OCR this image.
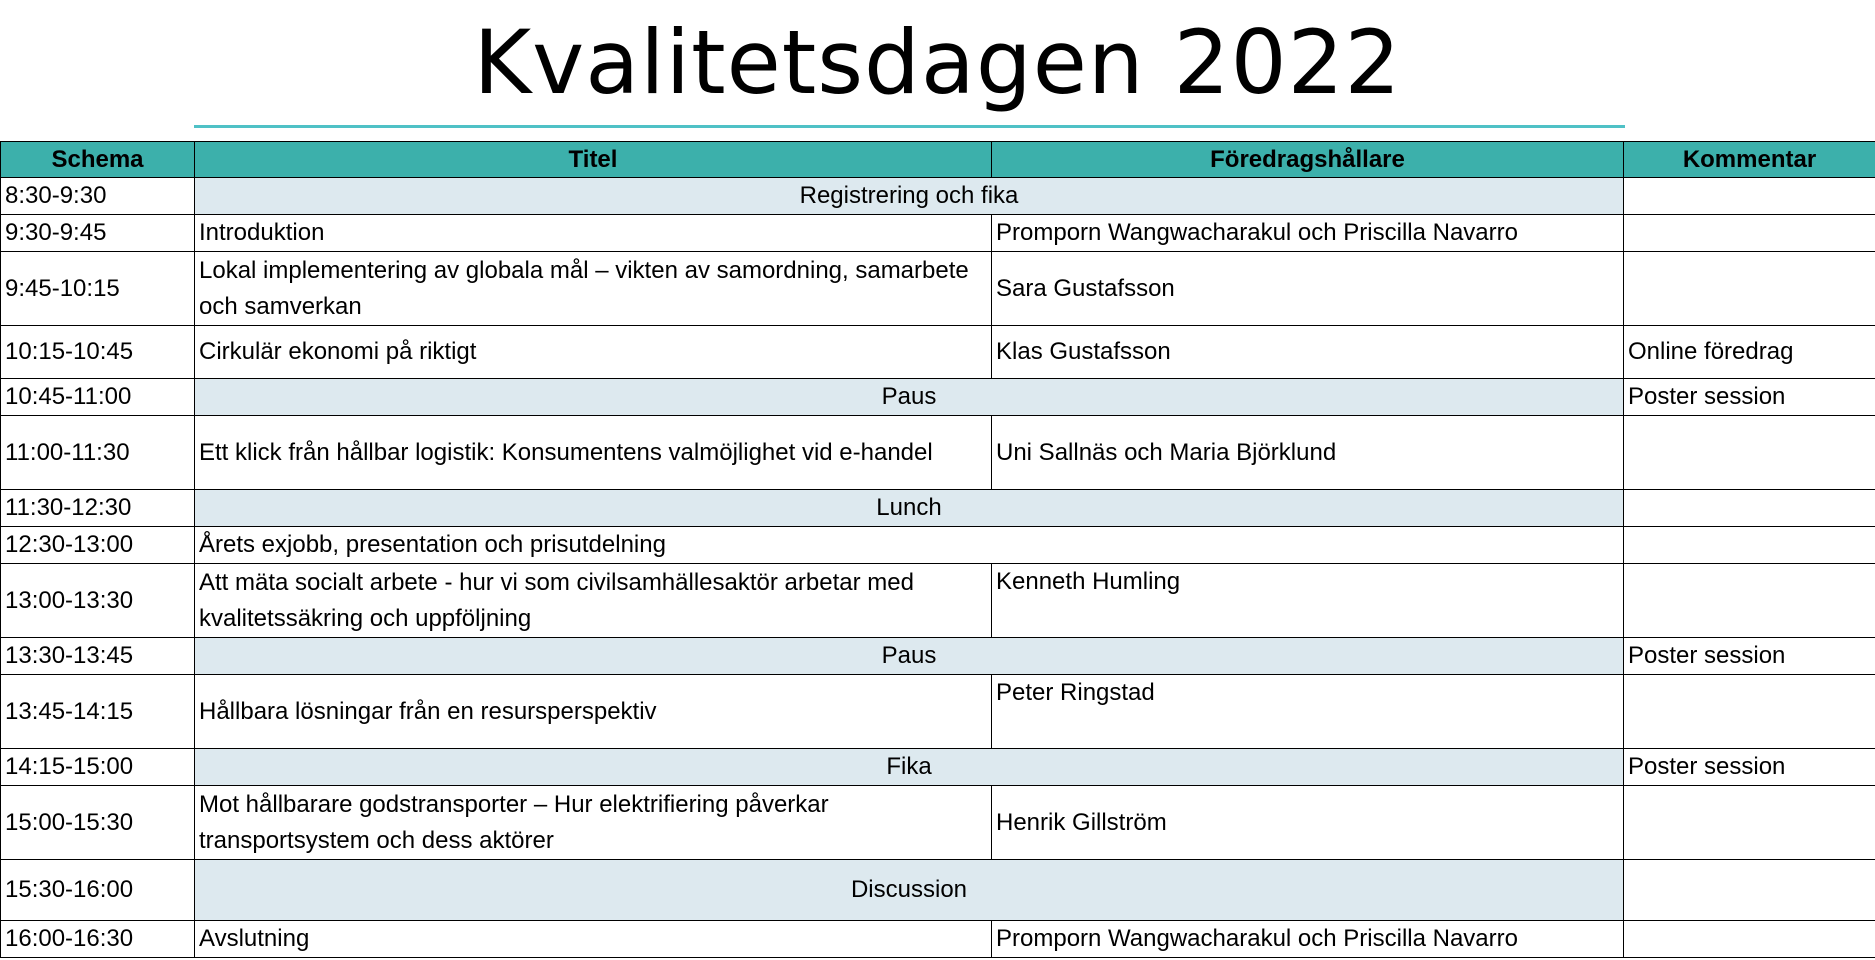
Kvalitetsdagen 2022
Schema	Titel	Föredragshållare	Kommentar
8:30-9:30	Registrering och fika		
9:30-9:45	Introduktion	Promporn Wangwacharakul och Priscilla Navarro	
9:45-10:15	Lokal implementering av globala mål – vikten av samordning, samarbete och samverkan	Sara Gustafsson	
10:15-10:45	Cirkulär ekonomi på riktigt	Klas Gustafsson	Online föredrag
10:45-11:00	Paus		Poster session
11:00-11:30	Ett klick från hållbar logistik: Konsumentens valmöjlighet vid e-handel	Uni Sallnäs och Maria Björklund	
11:30-12:30	Lunch		
12:30-13:00	Årets exjobb, presentation och prisutdelning		
13:00-13:30	Att mäta socialt arbete - hur vi som civilsamhällesaktör arbetar med kvalitetssäkring och uppföljning	Kenneth Humling	
13:30-13:45	Paus		Poster session
13:45-14:15	Hållbara lösningar från en resursperspektiv	Peter Ringstad	
14:15-15:00	Fika		Poster session
15:00-15:30	Mot hållbarare godstransporter – Hur elektrifiering påverkar transportsystem och dess aktörer	Henrik Gillström	
15:30-16:00	Discussion		
16:00-16:30	Avslutning	Promporn Wangwacharakul och Priscilla Navarro	
